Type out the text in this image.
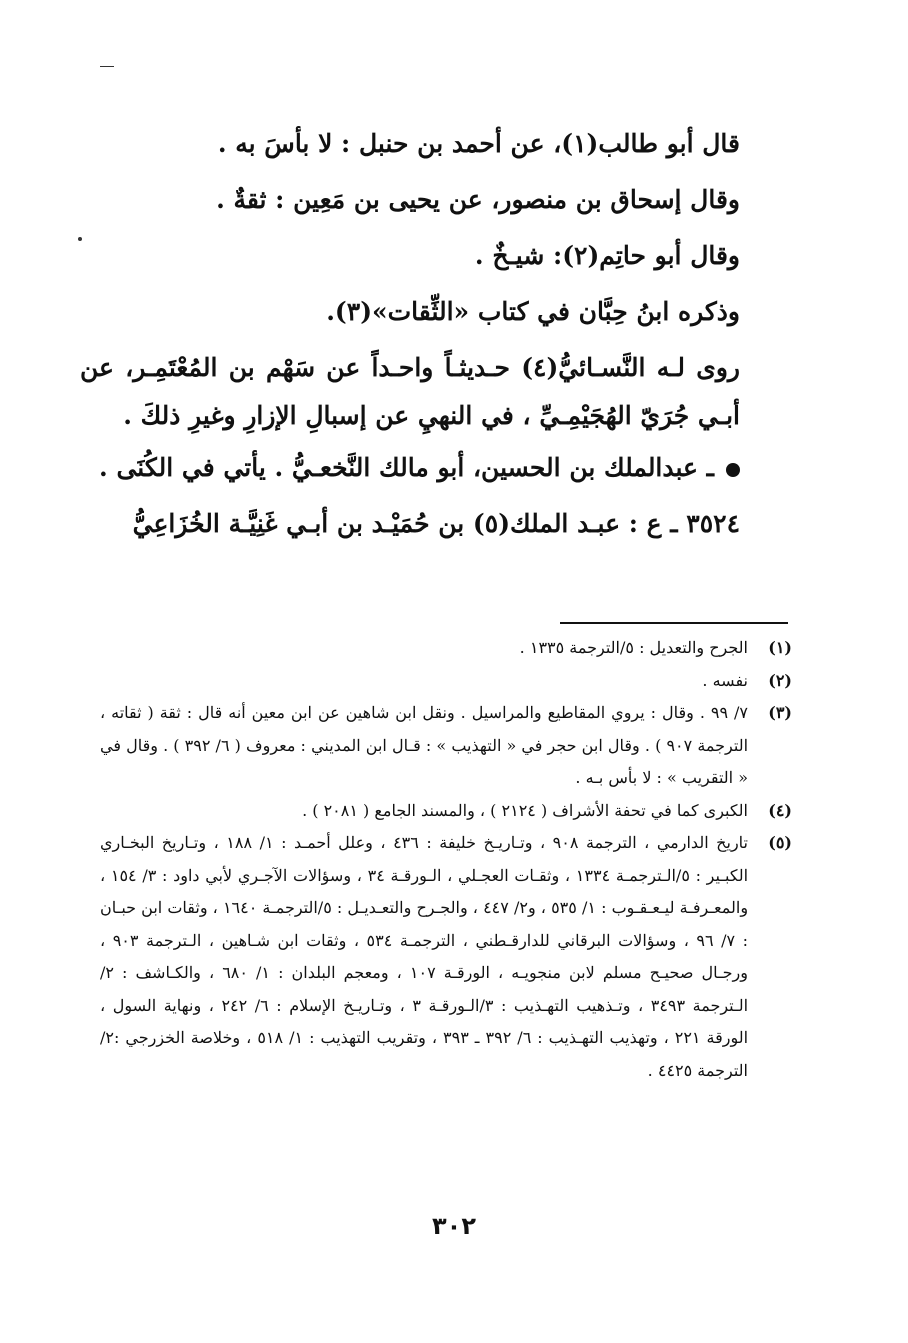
قال أبو طالب(١)، عن أحمد بن حنبل : لا بأسَ به .

وقال إسحاق بن منصور، عن يحيى بن مَعِين : ثقةٌ .

وقال أبو حاتِم(٢): شيـخٌ .

وذكره ابنُ حِبَّان في كتاب «الثِّقات»(٣).

روى لـه النَّسـائيُّ(٤) حـديثـاً واحـداً عن سَهْم بن المُعْتَمِـر، عن أبـي جُرَيّ الهُجَيْمِـيِّ ، في النهيِ عن إسبالِ الإزارِ وغيرِ ذلكَ .

ـ عبدالملك بن الحسين، أبو مالك النَّخعـيُّ . يأتي في الكُنَى .

٣٥٢٤ ـ ع : عبـد الملك(٥) بن حُمَيْـد بن أبـي غَنِيَّـة الخُزَاعِيُّ

(١)
الجرح والتعديل : ٥/الترجمة ١٣٣٥ .
(٢)
نفسه .
(٣)
٧/ ٩٩ . وقال : يروي المقاطيع والمراسيل . ونقل ابن شاهين عن ابن معين أنه قال : ثقة ( ثقاته ، الترجمة ٩٠٧ ) . وقال ابن حجر في « التهذيب » : قـال ابن المديني : معروف ( ٦/ ٣٩٢ ) . وقال في « التقريب » : لا بأس بـه .
(٤)
الكبرى كما في تحفة الأشراف ( ٢١٢٤ ) ، والمسند الجامع ( ٢٠٨١ ) .
(٥)
تاريخ الدارمي ، الترجمة ٩٠٨ ، وتـاريـخ خليفة : ٤٣٦ ، وعلل أحمـد : ١/ ١٨٨ ، وتـاريخ البخـاري الكبـير : ٥/الـترجمـة ١٣٣٤ ، وثقـات العجـلي ، الـورقـة ٣٤ ، وسؤالات الآجـري لأبي داود : ٣/ ١٥٤ ، والمعـرفـة ليـعـقـوب : ١/ ٥٣٥ ، و٢/ ٤٤٧ ، والجـرح والتعـديـل : ٥/الترجمـة ١٦٤٠ ، وثقات ابن حبـان : ٧/ ٩٦ ، وسؤالات البرقاني للدارقـطني ، الترجمـة ٥٣٤ ، وثقات ابن شـاهين ، الـترجمة ٩٠٣ ، ورجـال صحيـح مسلم لابن منجويـه ، الورقـة ١٠٧ ، ومعجم البلدان : ١/ ٦٨٠ ، والكـاشف : ٢/الـترجمة ٣٤٩٣ ، وتـذهيب التهـذيب : ٣/الـورقـة ٣ ، وتـاريـخ الإسلام : ٦/ ٢٤٢ ، ونهاية السول ، الورقة ٢٢١ ، وتهذيب التهـذيب : ٦/ ٣٩٢ ـ ٣٩٣ ، وتقريب التهذيب : ١/ ٥١٨ ، وخلاصة الخزرجي :٢/الترجمة ٤٤٢٥ .
٣٠٢
